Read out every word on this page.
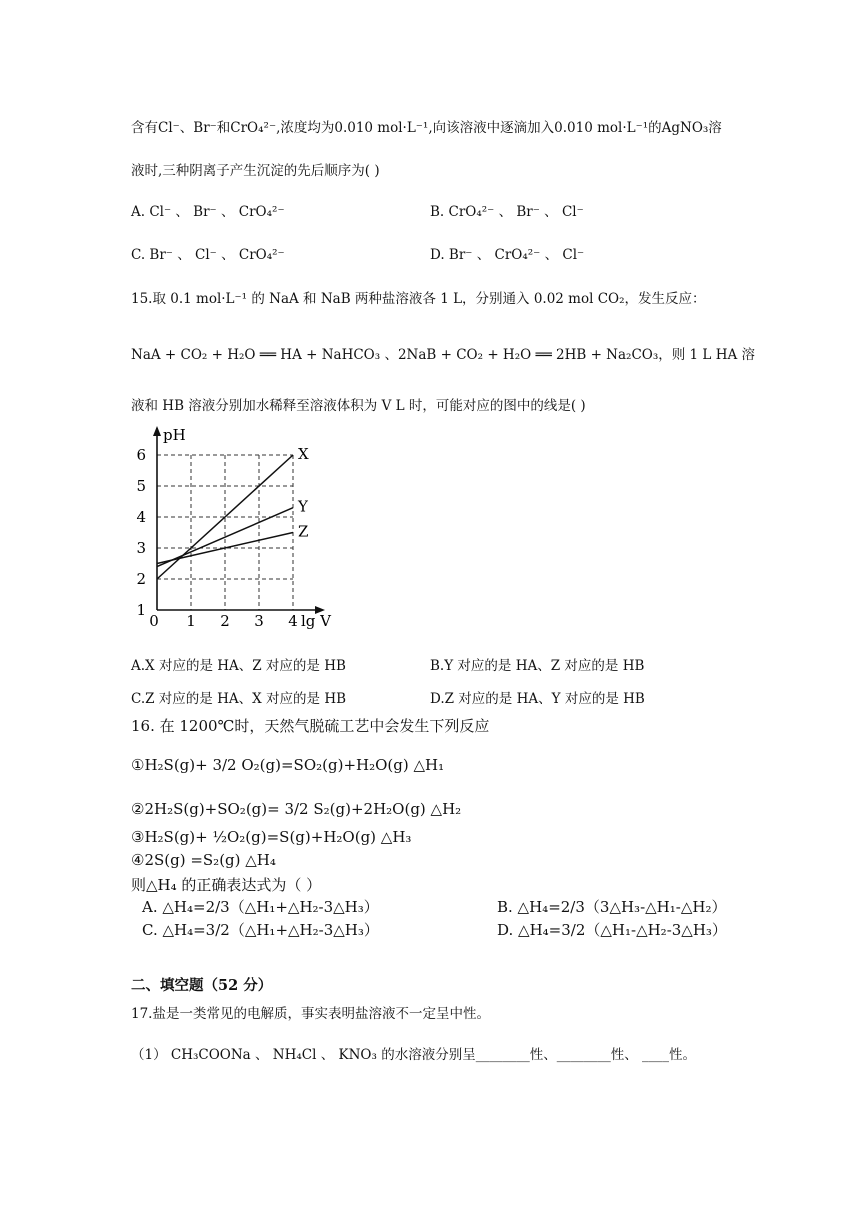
含有Cl⁻、Br⁻和CrO₄²⁻,浓度均为0.010 mol·L⁻¹,向该溶液中逐滴加入0.010 mol·L⁻¹的AgNO₃溶
液时,三种阴离子产生沉淀的先后顺序为( )
A. Cl⁻ 、 Br⁻ 、 CrO₄²⁻	B. CrO₄²⁻ 、 Br⁻ 、 Cl⁻
C. Br⁻ 、 Cl⁻ 、 CrO₄²⁻	D. Br⁻ 、 CrO₄²⁻ 、 Cl⁻
15.取 0.1 mol·L⁻¹ 的 NaA 和 NaB 两种盐溶液各 1 L，分别通入 0.02 mol CO₂，发生反应：
NaA + CO₂ + H₂O ══ HA + NaHCO₃ 、2NaB + CO₂ + H₂O ══ 2HB + Na₂CO₃，则 1 L HA 溶
液和 HB 溶液分别加水稀释至溶液体积为 V L 时，可能对应的图中的线是( )
pH
1
2
3
4
5
6
0 1 2 3 4 lg V
X
Y
Z
A.X 对应的是 HA、Z 对应的是 HB	B.Y 对应的是 HA、Z 对应的是 HB
C.Z 对应的是 HA、X 对应的是 HB	D.Z 对应的是 HA、Y 对应的是 HB
16. 在 1200℃时，天然气脱硫工艺中会发生下列反应
①H₂S(g)+ 3/2 O₂(g)=SO₂(g)+H₂O(g) △H₁
②2H₂S(g)+SO₂(g)= 3/2 S₂(g)+2H₂O(g) △H₂
③H₂S(g)+ ½O₂(g)=S(g)+H₂O(g) △H₃
④2S(g) =S₂(g) △H₄
则△H₄ 的正确表达式为（ ）
A. △H₄=2/3（△H₁+△H₂-3△H₃）	B. △H₄=2/3（3△H₃-△H₁-△H₂）
C. △H₄=3/2（△H₁+△H₂-3△H₃）	D. △H₄=3/2（△H₁-△H₂-3△H₃）
二、填空题（52 分）
17.盐是一类常见的电解质，事实表明盐溶液不一定呈中性。
（1） CH₃COONa 、 NH₄Cl 、 KNO₃ 的水溶液分别呈________性、________性、 ____性。
